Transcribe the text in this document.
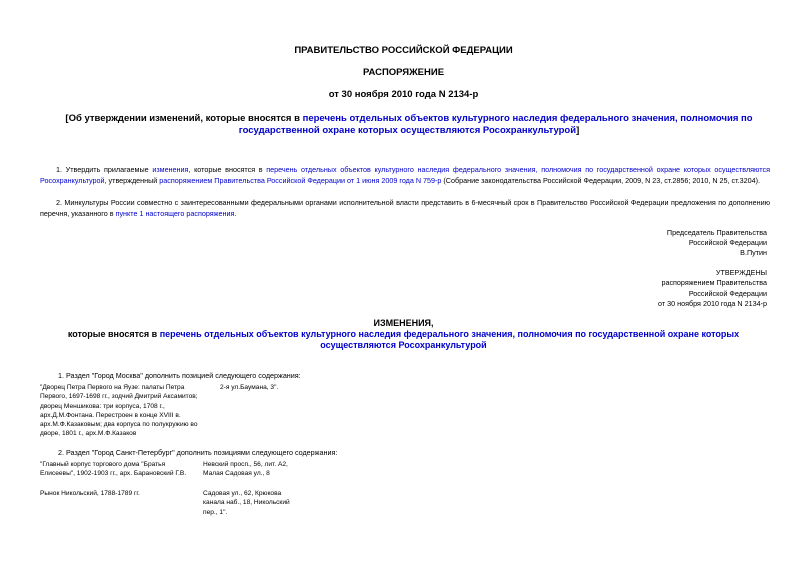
ПРАВИТЕЛЬСТВО РОССИЙСКОЙ ФЕДЕРАЦИИ
РАСПОРЯЖЕНИЕ
от 30 ноября 2010 года N 2134-р
[Об утверждении изменений, которые вносятся в перечень отдельных объектов культурного наследия федерального значения, полномочия по государственной охране которых осуществляются Росохранкультурой]
1. Утвердить прилагаемые изменения, которые вносятся в перечень отдельных объектов культурного наследия федерального значения, полномочия по государственной охране которых осуществляются Росохранкультурой, утвержденный распоряжением Правительства Российской Федерации от 1 июня 2009 года N 759-р (Собрание законодательства Российской Федерации, 2009, N 23, ст.2856; 2010, N 25, ст.3204).
2. Минкультуры России совместно с заинтересованными федеральными органами исполнительной власти представить в 6-месячный срок в Правительство Российской Федерации предложения по дополнению перечня, указанного в пункте 1 настоящего распоряжения.
Председатель Правительства
Российской Федерации
В.Путин
УТВЕРЖДЕНЫ
распоряжением Правительства
Российской Федерации
от 30 ноября 2010 года N 2134-р
ИЗМЕНЕНИЯ,
которые вносятся в перечень отдельных объектов культурного наследия федерального значения, полномочия по государственной охране которых осуществляются Росохранкультурой
1. Раздел "Город Москва" дополнить позицией следующего содержания:
"Дворец Петра Первого на Яузе: палаты Петра Первого, 1697-1698 гг., зодчий Дмитрий Аксамитов; дворец Меншикова: три корпуса, 1708 г., арх.Д.М.Фонтана. Перестроен в конце XVIII в. арх.М.Ф.Казаковым; два корпуса по полукружию во дворе, 1801 г., арх.М.Ф.Казаков
2-я ул.Баумана, 3".
2. Раздел "Город Санкт-Петербург" дополнить позициями следующего содержания:
"Главный корпус торгового дома "Братья Елисеевы", 1902-1903 гг., арх. Барановский Г.В.
Невский просп., 56, лит. А2, Малая Садовая ул., 8
Рынок Никольский, 1788-1789 гг.	Садовая ул., 62, Крюкова канала наб., 18, Никольский пер., 1".
